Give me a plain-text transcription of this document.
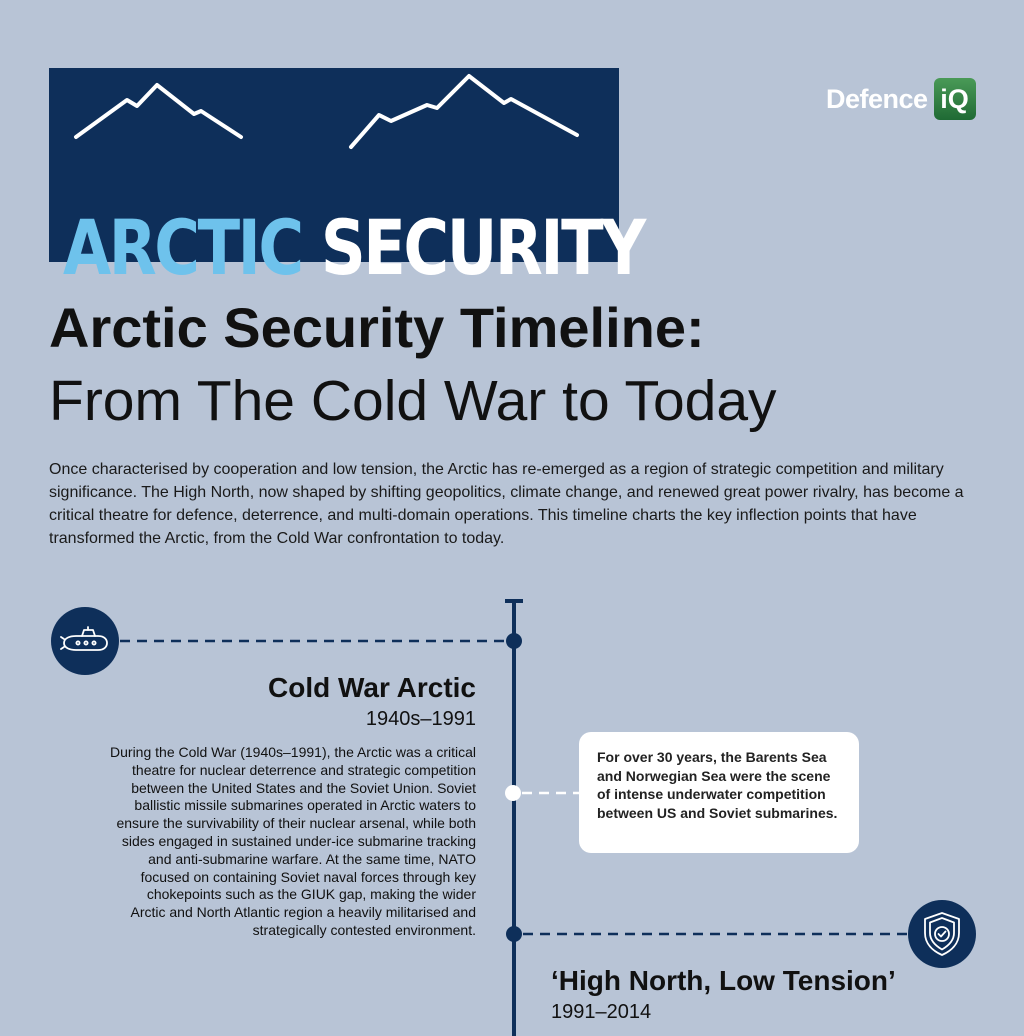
ARCTIC SECURITY
Defence iQ
Arctic Security Timeline:
From The Cold War to Today
Once characterised by cooperation and low tension, the Arctic has re-emerged as a region of strategic competition and military significance. The High North, now shaped by shifting geopolitics, climate change, and renewed great power rivalry, has become a critical theatre for defence, deterrence, and multi-domain operations. This timeline charts the key inflection points that have transformed the Arctic, from the Cold War confrontation to today.
Cold War Arctic
1940s–1991
During the Cold War (1940s–1991), the Arctic was a critical theatre for nuclear deterrence and strategic competition between the United States and the Soviet Union. Soviet ballistic missile submarines operated in Arctic waters to ensure the survivability of their nuclear arsenal, while both sides engaged in sustained under-ice submarine tracking and anti-submarine warfare. At the same time, NATO focused on containing Soviet naval forces through key chokepoints such as the GIUK gap, making the wider Arctic and North Atlantic region a heavily militarised and strategically contested environment.
For over 30 years, the Barents Sea and Norwegian Sea were the scene of intense underwater competition between US and Soviet submarines.
‘High North, Low Tension’
1991–2014
